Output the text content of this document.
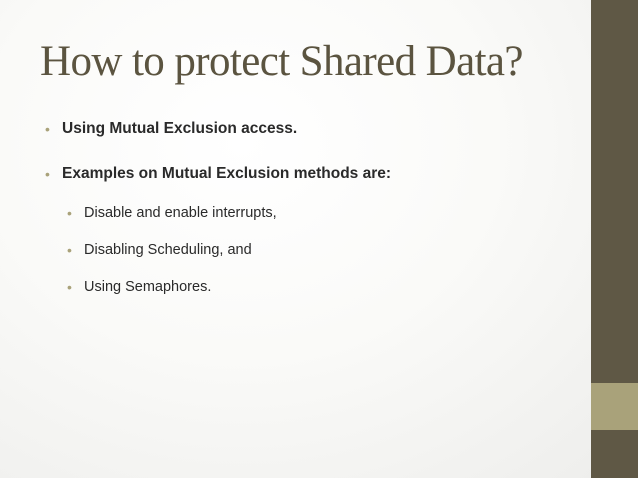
How to protect Shared Data?
• Using Mutual Exclusion access.
• Examples on Mutual Exclusion methods are:
• Disable and enable interrupts,
• Disabling Scheduling, and
• Using Semaphores.
